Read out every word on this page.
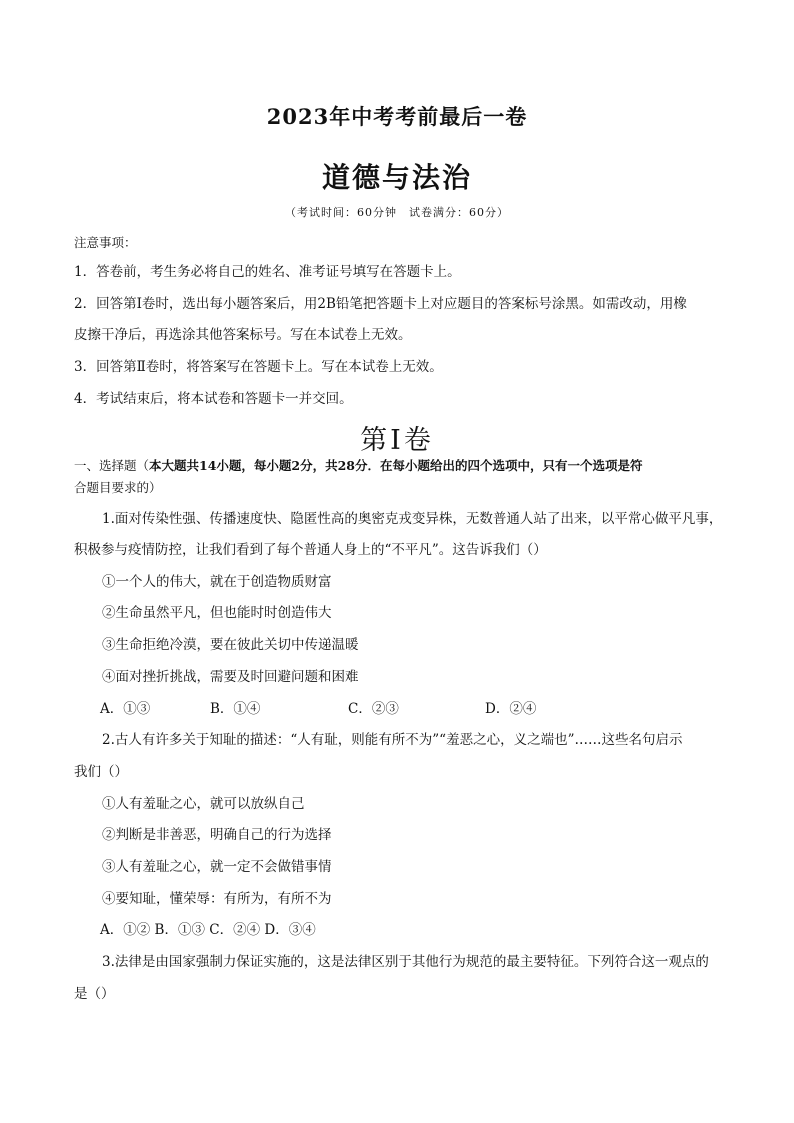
2023年中考考前最后一卷
道德与法治
（考试时间：60分钟　试卷满分：60分）
注意事项：
1．答卷前，考生务必将自己的姓名、准考证号填写在答题卡上。
2．回答第Ⅰ卷时，选出每小题答案后，用2B铅笔把答题卡上对应题目的答案标号涂黑。如需改动，用橡
皮擦干净后，再选涂其他答案标号。写在本试卷上无效。
3．回答第Ⅱ卷时，将答案写在答题卡上。写在本试卷上无效。
4．考试结束后，将本试卷和答题卡一并交回。
第Ⅰ卷
一、选择题（本大题共14小题，每小题2分，共28分．在每小题给出的四个选项中，只有一个选项是符
合题目要求的）
1.面对传染性强、传播速度快、隐匿性高的奥密克戎变异株，无数普通人站了出来，以平常心做平凡事，
积极参与疫情防控，让我们看到了每个普通人身上的“不平凡”。这告诉我们（）
①一个人的伟大，就在于创造物质财富
②生命虽然平凡，但也能时时创造伟大
③生命拒绝冷漠，要在彼此关切中传递温暖
④面对挫折挑战，需要及时回避问题和困难
A．①③	B．①④	C．②③	D．②④
2.古人有许多关于知耻的描述：“人有耻，则能有所不为”“羞恶之心，义之端也”……这些名句启示
我们（）
①人有羞耻之心，就可以放纵自己
②判断是非善恶，明确自己的行为选择
③人有羞耻之心，就一定不会做错事情
④要知耻，懂荣辱：有所为，有所不为
A．①② B．①③ C．②④ D．③④
3.法律是由国家强制力保证实施的，这是法律区别于其他行为规范的最主要特征。下列符合这一观点的
是（）
